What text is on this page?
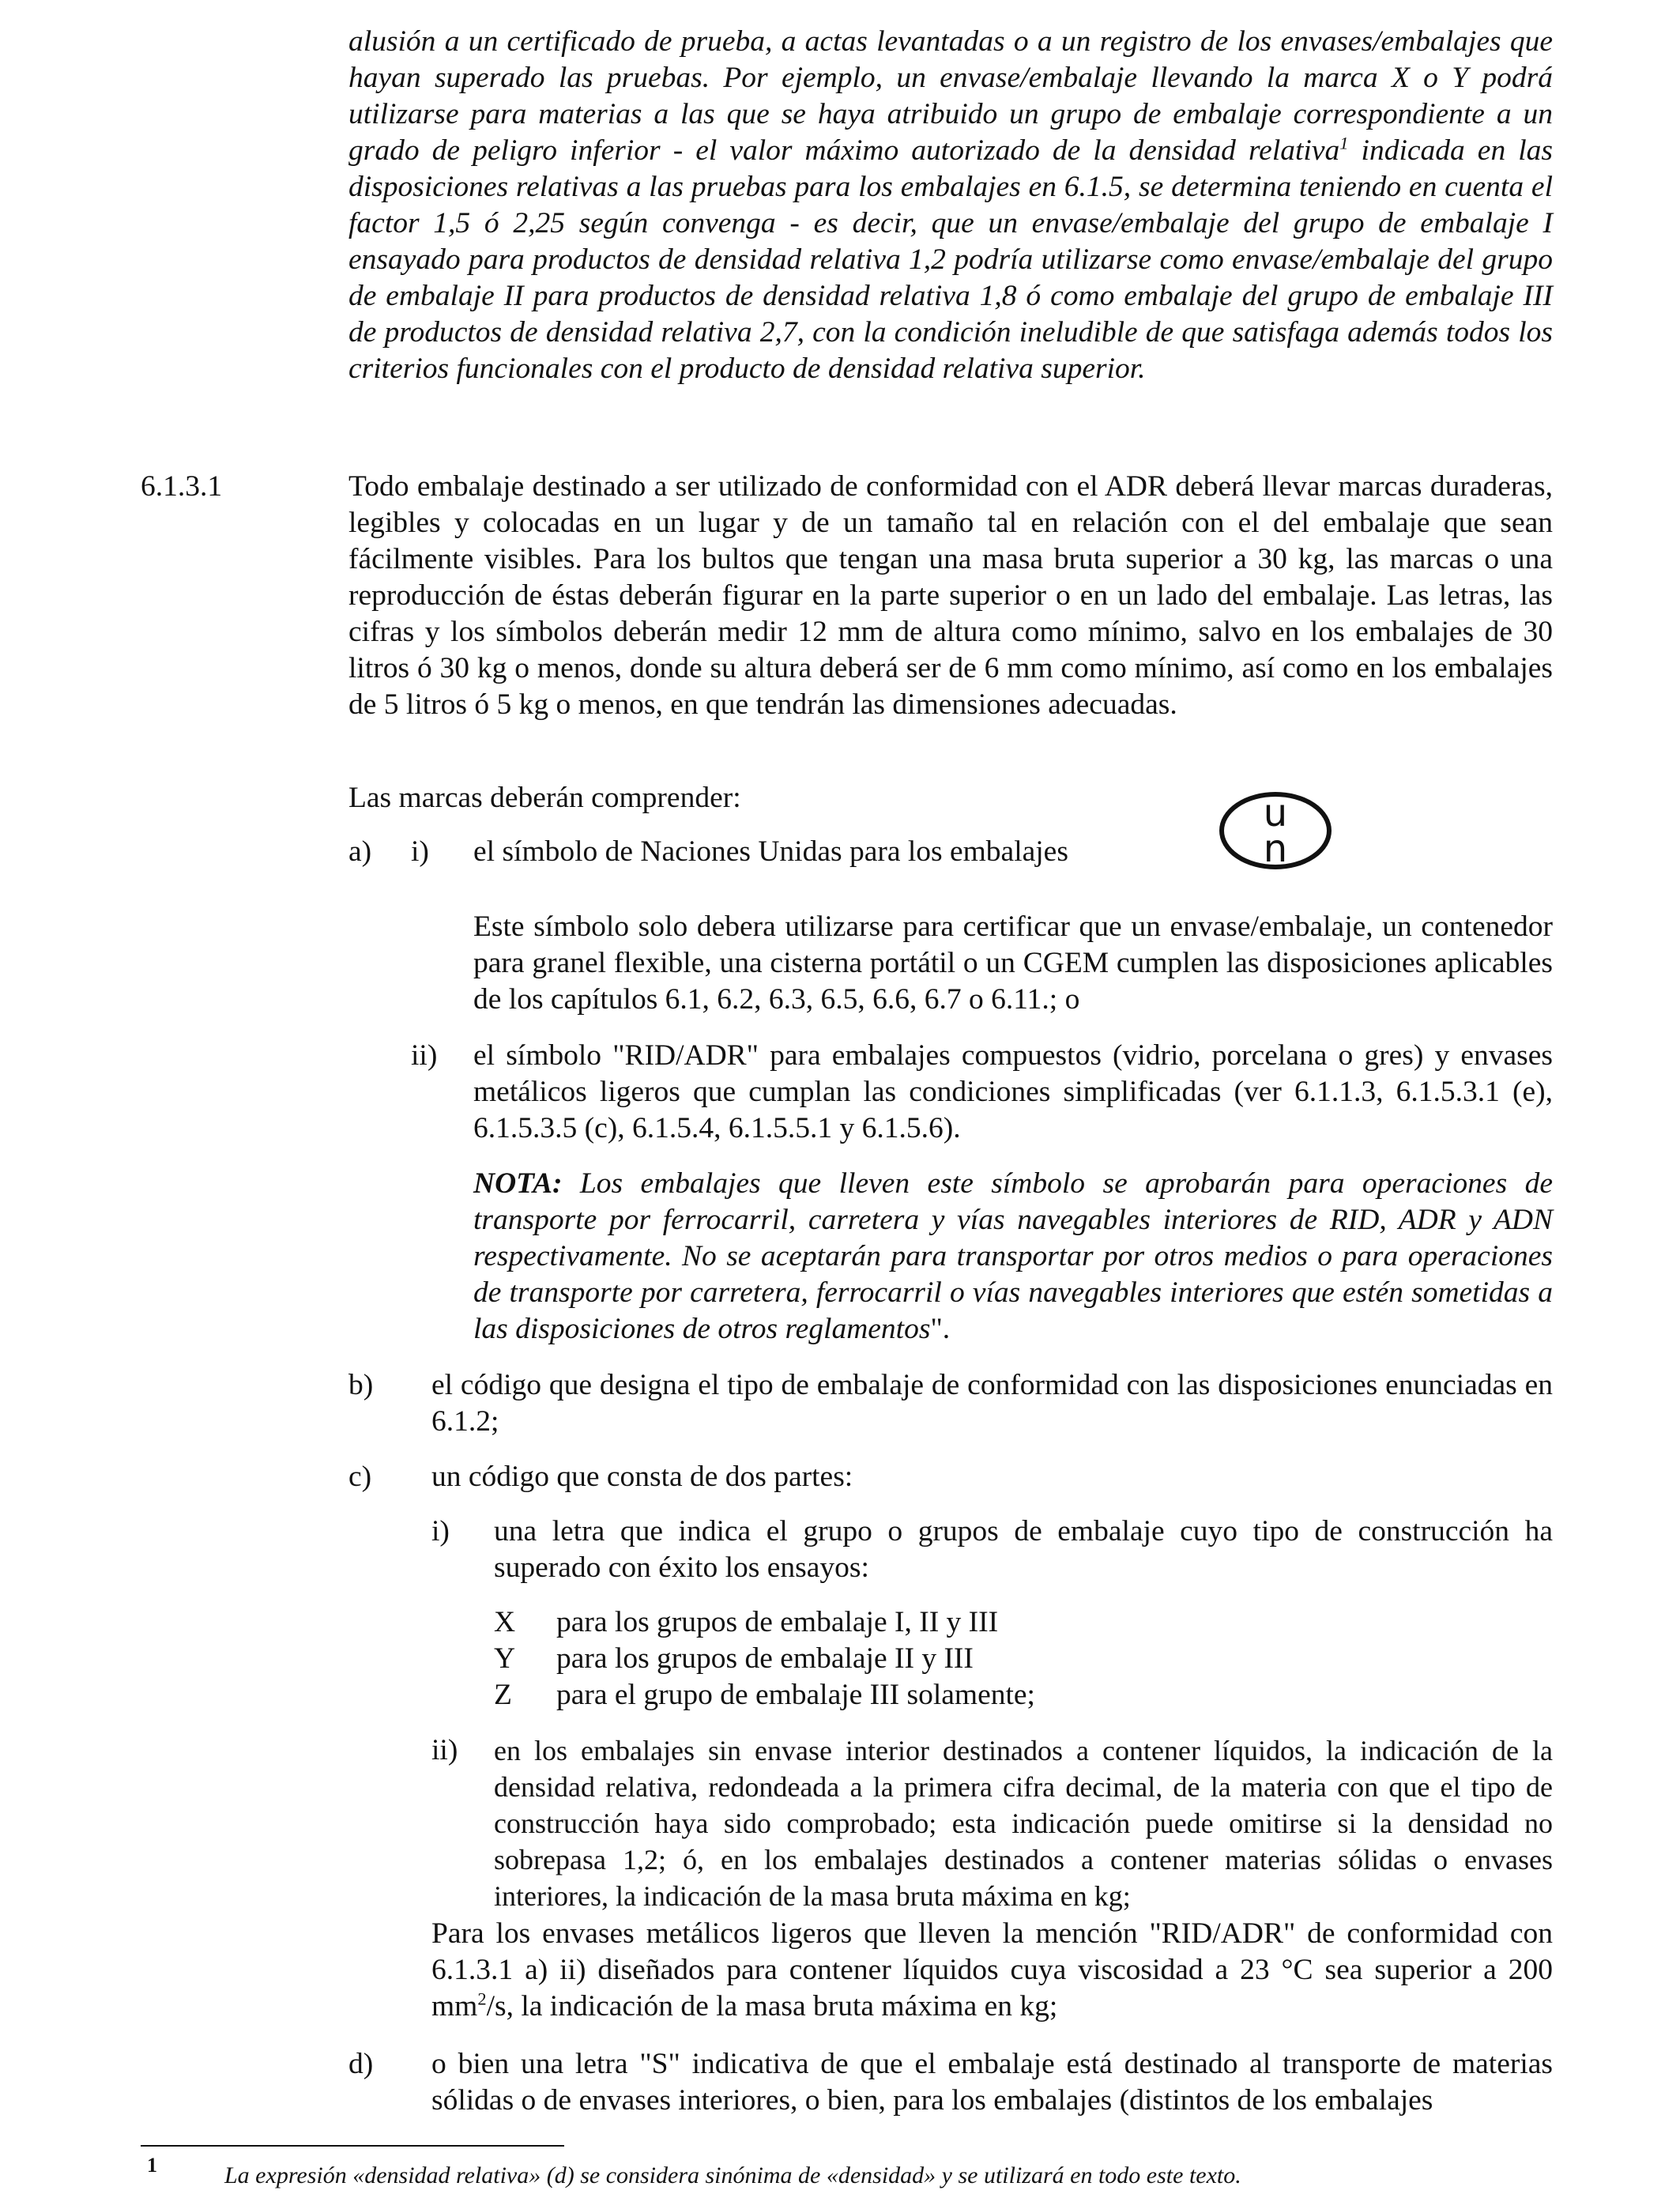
alusión a un certificado de prueba, a actas levantadas o a un registro de los envases/embalajes que hayan superado las pruebas. Por ejemplo, un envase/embalaje llevando la marca X o Y podrá utilizarse para materias a las que se haya atribuido un grupo de embalaje correspondiente a un grado de peligro inferior - el valor máximo autorizado de la densidad relativa$^1$ indicada en las disposiciones relativas a las pruebas para los embalajes en 6.1.5, se determina teniendo en cuenta el factor 1,5 ó 2,25 según convenga - es decir, que un envase/embalaje del grupo de embalaje I ensayado para productos de densidad relativa 1,2 podría utilizarse como envase/embalaje del grupo de embalaje II para productos de densidad relativa 1,8 ó como embalaje del grupo de embalaje III de productos de densidad relativa 2,7, con la condición ineludible de que satisfaga además todos los criterios funcionales con el producto de densidad relativa superior.

6.1.3.1	Todo embalaje destinado a ser utilizado de conformidad con el ADR deberá llevar marcas duraderas, legibles y colocadas en un lugar y de un tamaño tal en relación con el del embalaje que sean fácilmente visibles. Para los bultos que tengan una masa bruta superior a 30 kg, las marcas o una reproducción de éstas deberán figurar en la parte superior o en un lado del embalaje. Las letras, las cifras y los símbolos deberán medir 12 mm de altura como mínimo, salvo en los embalajes de 30 litros ó 30 kg o menos, donde su altura deberá ser de 6 mm como mínimo, así como en los embalajes de 5 litros ó 5 kg o menos, en que tendrán las dimensiones adecuadas.

Las marcas deberán comprender:
a) i) el símbolo de Naciones Unidas para los embalajes
u
n

Este símbolo solo debera utilizarse para certificar que un envase/embalaje, un contenedor para granel flexible, una cisterna portátil o un CGEM cumplen las disposiciones aplicables de los capítulos 6.1, 6.2, 6.3, 6.5, 6.6, 6.7 o 6.11.; o

ii) el símbolo "RID/ADR" para embalajes compuestos (vidrio, porcelana o gres) y envases metálicos ligeros que cumplan las condiciones simplificadas (ver 6.1.1.3, 6.1.5.3.1 (e), 6.1.5.3.5 (c), 6.1.5.4, 6.1.5.5.1 y 6.1.5.6).

NOTA: Los embalajes que lleven este símbolo se aprobarán para operaciones de transporte por ferrocarril, carretera y vías navegables interiores de RID, ADR y ADN respectivamente. No se aceptarán para transportar por otros medios o para operaciones de transporte por carretera, ferrocarril o vías navegables interiores que estén sometidas a las disposiciones de otros reglamentos".

b) el código que designa el tipo de embalaje de conformidad con las disposiciones enunciadas en 6.1.2;

c) un código que consta de dos partes:
i) una letra que indica el grupo o grupos de embalaje cuyo tipo de construcción ha superado con éxito los ensayos:

X para los grupos de embalaje I, II y III
Y para los grupos de embalaje II y III
Z para el grupo de embalaje III solamente;
ii) en los embalajes sin envase interior destinados a contener líquidos, la indicación de la densidad relativa, redondeada a la primera cifra decimal, de la materia con que el tipo de construcción haya sido comprobado; esta indicación puede omitirse si la densidad no sobrepasa 1,2; ó, en los embalajes destinados a contener materias sólidas o envases interiores, la indicación de la masa bruta máxima en kg;

Para los envases metálicos ligeros que lleven la mención "RID/ADR" de conformidad con 6.1.3.1 a) ii) diseñados para contener líquidos cuya viscosidad a 23 °C sea superior a 200 $mm^2/s$, la indicación de la masa bruta máxima en kg;

d) o bien una letra "S" indicativa de que el embalaje está destinado al transporte de materias sólidas o de envases interiores, o bien, para los embalajes (distintos de los embalajes

1	La expresión «densidad relativa» (d) se considera sinónima de «densidad» y se utilizará en todo este texto.
